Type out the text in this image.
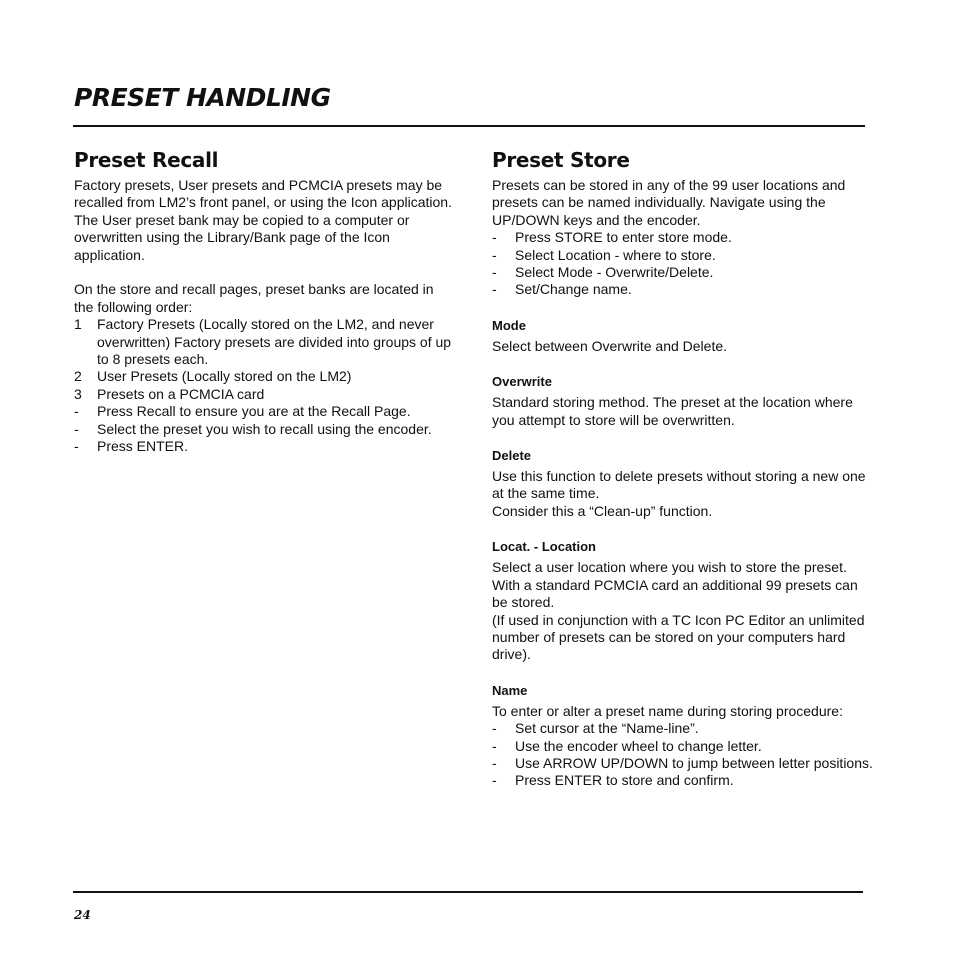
PRESET HANDLING
Preset Recall

Factory presets, User presets and PCMCIA presets may be recalled from LM2’s front panel, or using the Icon application. The User preset bank may be copied to a computer or overwritten using the Library/Bank page of the Icon application.

On the store and recall pages, preset banks are located in the following order:

1 Factory Presets (Locally stored on the LM2, and never overwritten) Factory presets are divided into groups of up to 8 presets each.
2 User Presets (Locally stored on the LM2)
3 Presets on a PCMCIA card
- Press Recall to ensure you are at the Recall Page.
- Select the preset you wish to recall using the encoder.
- Press ENTER.
Preset Store

Presets can be stored in any of the 99 user locations and presets can be named individually. Navigate using the UP/DOWN keys and the encoder.

- Press STORE to enter store mode.
- Select Location - where to store.
- Select Mode - Overwrite/Delete.
- Set/Change name.
Mode

Select between Overwrite and Delete.

Overwrite

Standard storing method. The preset at the location where you attempt to store will be overwritten.

Delete

Use this function to delete presets without storing a new one at the same time.

Consider this a “Clean-up” function.

Locat. - Location

Select a user location where you wish to store the preset. With a standard PCMCIA card an additional 99 presets can be stored.

(If used in conjunction with a TC Icon PC Editor an unlimited number of presets can be stored on your computers hard drive).

Name

To enter or alter a preset name during storing procedure:

- Set cursor at the “Name-line”.
- Use the encoder wheel to change letter.
- Use ARROW UP/DOWN to jump between letter positions.
- Press ENTER to store and confirm.

24
